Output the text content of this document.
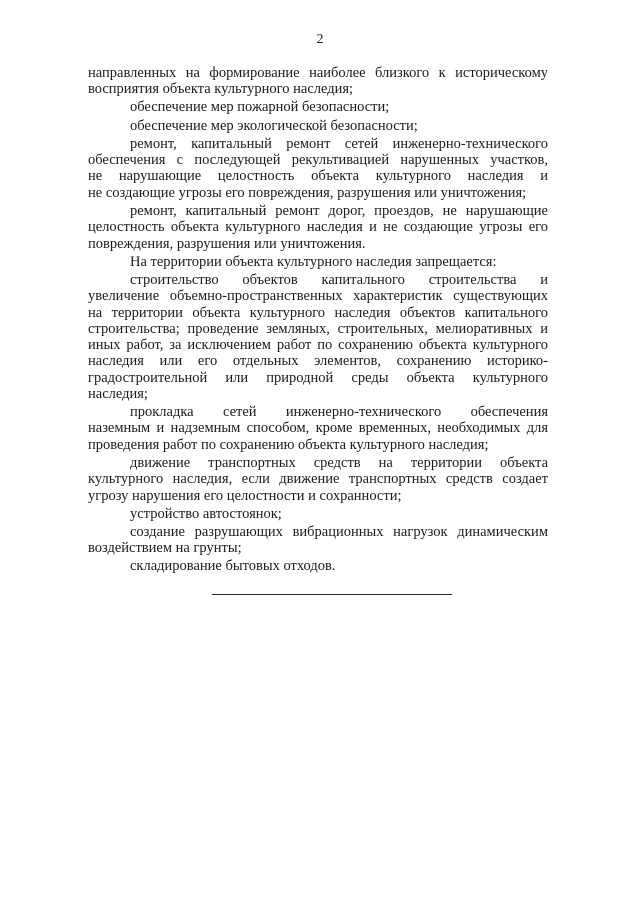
2
направленных на формирование наиболее близкого к историческому
восприятия объекта культурного наследия;
обеспечение мер пожарной безопасности;
обеспечение мер экологической безопасности;
ремонт, капитальный ремонт сетей инженерно-технического
обеспечения с последующей рекультивацией нарушенных участков,
не нарушающие целостность объекта культурного наследия и
не создающие угрозы его повреждения, разрушения или уничтожения;
ремонт, капитальный ремонт дорог, проездов, не нарушающие
целостность объекта культурного наследия и не создающие угрозы его
повреждения, разрушения или уничтожения.
На территории объекта культурного наследия запрещается:
строительство объектов капитального строительства и
увеличение объемно-пространственных характеристик существующих
на территории объекта культурного наследия объектов капитального
строительства; проведение земляных, строительных, мелиоративных и
иных работ, за исключением работ по сохранению объекта культурного
наследия или его отдельных элементов, сохранению историко-
градостроительной или природной среды объекта культурного
наследия;
прокладка сетей инженерно-технического обеспечения
наземным и надземным способом, кроме временных, необходимых для
проведения работ по сохранению объекта культурного наследия;
движение транспортных средств на территории объекта
культурного наследия, если движение транспортных средств создает
угрозу нарушения его целостности и сохранности;
устройство автостоянок;
создание разрушающих вибрационных нагрузок динамическим
воздействием на грунты;
складирование бытовых отходов.
